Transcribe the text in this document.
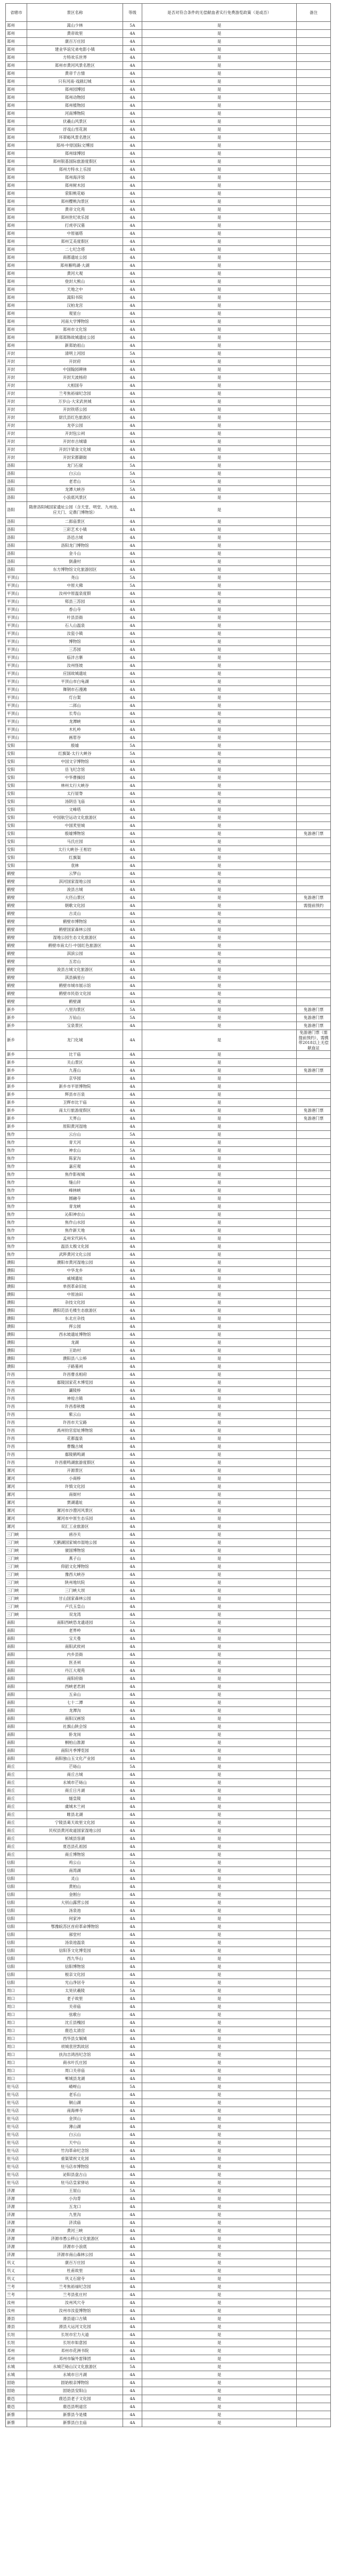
省辖市	景区名称	等级	是否对符合条件的无偿献血者实行免费游览政策（是或否）	备注
郑州	嵩山少林	5A	是	
郑州	黄帝故里	4A	是	
郑州	康百万庄园	4A	是	
郑州	建业华谊兄弟电影小镇	4A	是	
郑州	方特欢乐世界	4A	是	
郑州	郑州市黄河风景名胜区	4A	是	
郑州	黄帝千古情	4A	是	
郑州	只有河南·戏剧幻城	4A	是	
郑州	郑州园博园	4A	是	
郑州	郑州动物园	4A	是	
郑州	郑州植物园	4A	是	
郑州	河南博物院	4A	是	
郑州	伏羲山风景区	4A	是	
郑州	浮戏山雪花洞	4A	是	
郑州	环翠峪风景名胜区	4A	是	
郑州	郑州·中原国际文博园	4A	是	
郑州	郑州绿博园	4A	是	
郑州	郑州银基国际旅游度假区	4A	是	
郑州	郑州方特水上乐园	4A	是	
郑州	郑州海洋馆	4A	是	
郑州	郑州树木园	4A	是	
郑州	荥阳桃花峪	4A	是	
郑州	郑州樱桃沟景区	4A	是	
郑州	黄帝文化苑	4A	是	
郑州	郑州世纪欢乐园	4A	是	
郑州	打虎亭汉墓	4A	是	
郑州	中原福塔	4A	是	
郑州	郑州艾美度假区	4A	是	
郑州	二七纪念塔	4A	是	
郑州	商都遗址公园	4A	是	
郑州	郑州雁鸣湖·大湖	4A	是	
郑州	黄河大观	4A	是	
郑州	登封大熊山	4A	是	
郑州	天地之中	4A	是	
郑州	嵩阳书院	4A	是	
郑州	汉柏龙宫	4A	是	
郑州	观星台	4A	是	
郑州	河南大学博物馆	4A	是	
郑州	郑州市文化馆	4A	是	
郑州	新郑郑韩故城遗址公园	4A	是	
郑州	新郑始祖山	4A	是	
开封	清明上河园	5A	是	
开封	开封府	4A	是	
开封	中国翰园碑林	4A	是	
开封	开封天波杨府	4A	是	
开封	大相国寺	4A	是	
开封	兰考焦裕禄纪念园	4A	是	
开封	万岁山·大宋武侠城	4A	是	
开封	开封铁塔公园	4A	是	
开封	尉氏县红色旅游区	4A	是	
开封	龙亭公园	4A	是	
开封	开封包公祠	4A	是	
开封	开封市古城墙	4A	是	
开封	开封汴梁食文化城	4A	是	
开封	开封宋都御街	4A	是	
洛阳	龙门石窟	5A	是	
洛阳	白云山	5A	是	
洛阳	老君山	5A	是	
洛阳	龙潭大峡谷	5A	是	
洛阳	小浪底风景区	4A	是	
洛阳	隋唐洛阳城国家遗址公园（含天堂、明堂、九州池、应天门、定鼎门博物馆）	4A	是	
洛阳	二郎庙景区	4A	是	
洛阳	三彩艺术小镇	4A	是	
洛阳	洛邑古城	4A	是	
洛阳	洛阳龙门博物馆	4A	是	
洛阳	金斗山	4A	是	
洛阳	倒盏村	4A	是	
洛阳	东方博物馆文化旅游园区	4A	是	
平顶山	尧山	5A	是	
平顶山	中原大佛	5A	是	
平顶山	汝州中原温泉度假	4A	是	
平顶山	郏县三苏园	4A	是	
平顶山	香山寺	4A	是	
平顶山	叶县县衙	4A	是	
平顶山	石人山温泉	4A	是	
平顶山	汝瓷小镇	4A	是	
平顶山	博物馆	4A	是	
平顶山	三苏园	4A	是	
平顶山	临沣古寨	4A	是	
平顶山	汝州怪坡	4A	是	
平顶山	应国故城遗址	4A	是	
平顶山	平顶山市白龟湖	4A	是	
平顶山	舞钢市石漫滩	4A	是	
平顶山	灯台架	4A	是	
平顶山	二郎山	4A	是	
平顶山	长寿山	4A	是	
平顶山	龙潭峡	4A	是	
平顶山	木札岭	4A	是	
平顶山	画眉谷	4A	是	
安阳	殷墟	5A	是	
安阳	红旗渠·太行大峡谷	5A	是	
安阳	中国文字博物馆	4A	是	
安阳	岳飞纪念馆	4A	是	
安阳	中华曹操园	4A	是	
安阳	林州太行大峡谷	4A	是	
安阳	太行屋脊	4A	是	
安阳	汤阴岳飞庙	4A	是	
安阳	文峰塔	4A	是	
安阳	中国航空运动文化旅游区	4A	是	
安阳	中国羑里城	4A	是	
安阳	殷墟博物馆	4A	是	免游港门票
安阳	马氏庄园	4A	是	
安阳	太行大峡谷·王相岩	4A	是	
安阳	红旗渠	4A	是	
安阳	袁林	4A	是	
鹤壁	云梦山	4A	是	
鹤壁	淇河国家湿地公园	4A	是	
鹤壁	浚县古城	4A	是	
鹤壁	大伾山景区	4A	是	免游港门票
鹤壁	朝歌文化园	4A	是	需提前预约
鹤壁	古灵山	4A	是	
鹤壁	鹤壁市博物馆	4A	是	
鹤壁	鹤壁国家森林公园	4A	是	
鹤壁	湿地公园生态文化旅游区	4A	是	
鹤壁	鹤壁市南太行·中国红色旅游区	4A	是	
鹤壁	淇滨公园	4A	是	
鹤壁	五岩山	4A	是	
鹤壁	浚县古城文化旅游区	4A	是	
鹤壁	淇县摘星台	4A	是	
鹤壁	鹤壁市城市展示馆	4A	是	
鹤壁	鹤壁市民俗文化园	4A	是	
鹤壁	鹤壁湖	4A	是	
新乡	八里沟景区	5A	是	免游港门票
新乡	万仙山	5A	是	免游港门票
新乡	宝泉景区	4A	是	免游港门票
新乡	龙门化城	4A	是	免游港门票（需提前预约），需携带2018以上无偿献血证
新乡	比干庙	4A	是	
新乡	关山景区	4A	是	
新乡	九莲山	4A	是	免游港门票
新乡	京华园	4A	是	
新乡	新乡市平原博物院	4A	是	
新乡	辉县市百泉	4A	是	
新乡	卫辉市比干庙	4A	是	
新乡	南太行旅游度假区	4A	是	免游港门票
新乡	天界山	4A	是	免游港门票
新乡	原阳黄河湿地	4A	是	
焦作	云台山	5A	是	
焦作	青天河	4A	是	
焦作	神农山	5A	是	
焦作	陈家沟	4A	是	
焦作	嘉应观	4A	是	
焦作	焦作影视城	4A	是	
焦作	缝山针	4A	是	
焦作	峰林峡	4A	是	
焦作	圆融寺	4A	是	
焦作	青龙峡	4A	是	
焦作	沁阳神农山	4A	是	
焦作	焦作山水园	4A	是	
焦作	焦作新天地	4A	是	
焦作	孟州宋代码头	4A	是	
焦作	温县太极文化园	4A	是	
焦作	武陟黄河文化公园	4A	是	
濮阳	濮阳市黄河湿地公园	4A	是	
濮阳	中华龙乡	4A	是	
濮阳	戚城遗址	4A	是	
濮阳	单拐革命旧址	4A	是	
濮阳	中原油田	4A	是	
濮阳	杂技文化园	4A	是	
濮阳	濮阳范县毛楼生态旅游区	4A	是	
濮阳	东北庄杂技	4A	是	
濮阳	挥公园	4A	是	
濮阳	西水坡遗址博物馆	4A	是	
濮阳	龙湖	4A	是	
濮阳	王助村	4A	是	
濮阳	濮阳县八公桥	4A	是	
濮阳	子路墓祠	4A	是	
许昌	许昌曹丞相府	4A	是	
许昌	鄢陵国家花木博览园	4A	是	
许昌	灞陵桥	4A	是	
许昌	神垕古镇	4A	是	
许昌	许昌春秋楼	4A	是	
许昌	紫云山	4A	是	
许昌	许昌市天宝路	4A	是	
许昌	禹州钧官窑址博物馆	4A	是	
许昌	花都温泉	4A	是	
许昌	曹魏古城	4A	是	
许昌	鄢陵鹤鸣湖	4A	是	
许昌	许昌鹿鸣湖旅游度假区	4A	是	
漯河	开源景区	4A	是	
漯河	小商桥	4A	是	
漯河	许慎文化园	4A	是	
漯河	南街村	4A	是	
漯河	贾湖遗址	4A	是	
漯河	漯河市沙澧河风景区	4A	是	
漯河	漯河市中原生态乐园	4A	是	
漯河	双汇工业旅游区	4A	是	
三门峡	函谷关	4A	是	
三门峡	天鹅湖国家城市湿地公园	4A	是	
三门峡	虢国博物馆	4A	是	
三门峡	燕子山	4A	是	
三门峡	仰韶文化博物馆	4A	是	
三门峡	豫西大峡谷	4A	是	
三门峡	陕州地坑院	4A	是	
三门峡	三门峡大坝	4A	是	
三门峡	甘山国家森林公园	4A	是	
三门峡	卢氏玉皇山	4A	是	
三门峡	双龙湾	4A	是	
南阳	南阳西峡恐龙遗迹园	5A	是	
南阳	老界岭	4A	是	
南阳	宝天曼	4A	是	
南阳	南阳武侯祠	4A	是	
南阳	内乡县衙	4A	是	
南阳	医圣祠	4A	是	
南阳	丹江大观苑	4A	是	
南阳	南阳府衙	4A	是	
南阳	西峡老君洞	4A	是	
南阳	五朵山	4A	是	
南阳	七十二潭	4A	是	
南阳	龙潭沟	4A	是	
南阳	南阳汉画馆	4A	是	
南阳	社旗山陕会馆	4A	是	
南阳	卧龙岗	4A	是	
南阳	桐柏山淮源	4A	是	
南阳	南阳月季博览园	4A	是	
南阳	南阳独山玉文化产业园	4A	是	
商丘	芒砀山	5A	是	
商丘	商丘古城	4A	是	
商丘	永城市芒砀山	4A	是	
商丘	商丘日月湖	4A	是	
商丘	燧皇陵	4A	是	
商丘	虞城木兰祠	4A	是	
商丘	睢县北湖	4A	是	
商丘	宁陵县葛天故里文化园	4A	是	
商丘	民权县黄河故道国家湿地公园	4A	是	
商丘	柘城县容湖	4A	是	
商丘	夏邑县孔祖园	4A	是	
商丘	商丘博物馆	4A	是	
信阳	鸡公山	5A	是	
信阳	南湾湖	4A	是	
信阳	灵山	4A	是	
信阳	黄柏山	4A	是	
信阳	金刚台	4A	是	
信阳	大别山露营公园	4A	是	
信阳	汤泉池	4A	是	
信阳	何家冲	4A	是	
信阳	鄂豫皖苏区首府革命博物馆	4A	是	
信阳	郝堂村	4A	是	
信阳	汤泉池温泉	4A	是	
信阳	信阳茶文化博览园	4A	是	
信阳	西九华山	4A	是	
信阳	信阳博物馆	4A	是	
信阳	根亲文化园	4A	是	
信阳	光山净居寺	4A	是	
周口	太昊伏羲陵	5A	是	
周口	老子故里	4A	是	
周口	关帝庙	4A	是	
周口	弦歌台	4A	是	
周口	沈丘县槐园	4A	是	
周口	鹿邑太清宫	4A	是	
周口	西华县女娲城	4A	是	
周口	项城袁世凯故居	4A	是	
周口	扶沟吉鸿昌纪念馆	4A	是	
周口	商水叶氏庄园	4A	是	
周口	周口关帝庙	4A	是	
周口	郸城县龙湖	4A	是	
驻马店	嵖岈山	5A	是	
驻马店	老乐山	4A	是	
驻马店	铜山湖	4A	是	
驻马店	南海禅寺	4A	是	
驻马店	金顶山	4A	是	
驻马店	薄山湖	4A	是	
驻马店	白云山	4A	是	
驻马店	天中山	4A	是	
驻马店	竹沟革命纪念馆	4A	是	
驻马店	重渠梁祝文化园	4A	是	
驻马店	驻马店市博物馆	4A	是	
驻马店	泌阳县盘古山	4A	是	
驻马店	驻马店皇家驿站	4A	是	
济源	王屋山	5A	是	
济源	小沟背	4A	是	
济源	五龙口	4A	是	
济源	九里沟	4A	是	
济源	济渎庙	4A	是	
济源	黄河三峡	4A	是	
济源	济源市愚公移山文化旅游区	4A	是	
济源	济源市小浪底	4A	是	
济源	济源市南山森林公园	4A	是	
巩义	康百万庄园	4A	是	
巩义	杜甫故里	4A	是	
巩义	巩义石窟寺	4A	是	
兰考	兰考焦裕禄纪念园	4A	是	
兰考	兰考县张庄村	4A	是	
汝州	汝州风穴寺	4A	是	
汝州	汝州市汝瓷博物馆	4A	是	
滑县	滑县道口古镇	4A	是	
滑县	滑县大运河文化园	4A	是	
长垣	长垣市宏力大道	4A	是	
长垣	长垣市如意园	4A	是	
邓州	邓州市花洲书院	4A	是	
邓州	邓州市编外雷锋团	4A	是	
永城	永城芒砀山汉文化旅游区	5A	是	
永城	永城市日月湖	4A	是	
固始	固始根亲博物馆	4A	是	
固始	固始县安阳山	4A	是	
鹿邑	鹿邑县老子文化园	4A	是	
鹿邑	鹿邑县明道宫	4A	是	
新蔡	新蔡县今是楼	4A	是	
新蔡	新蔡县白圭庙	4A	是	
